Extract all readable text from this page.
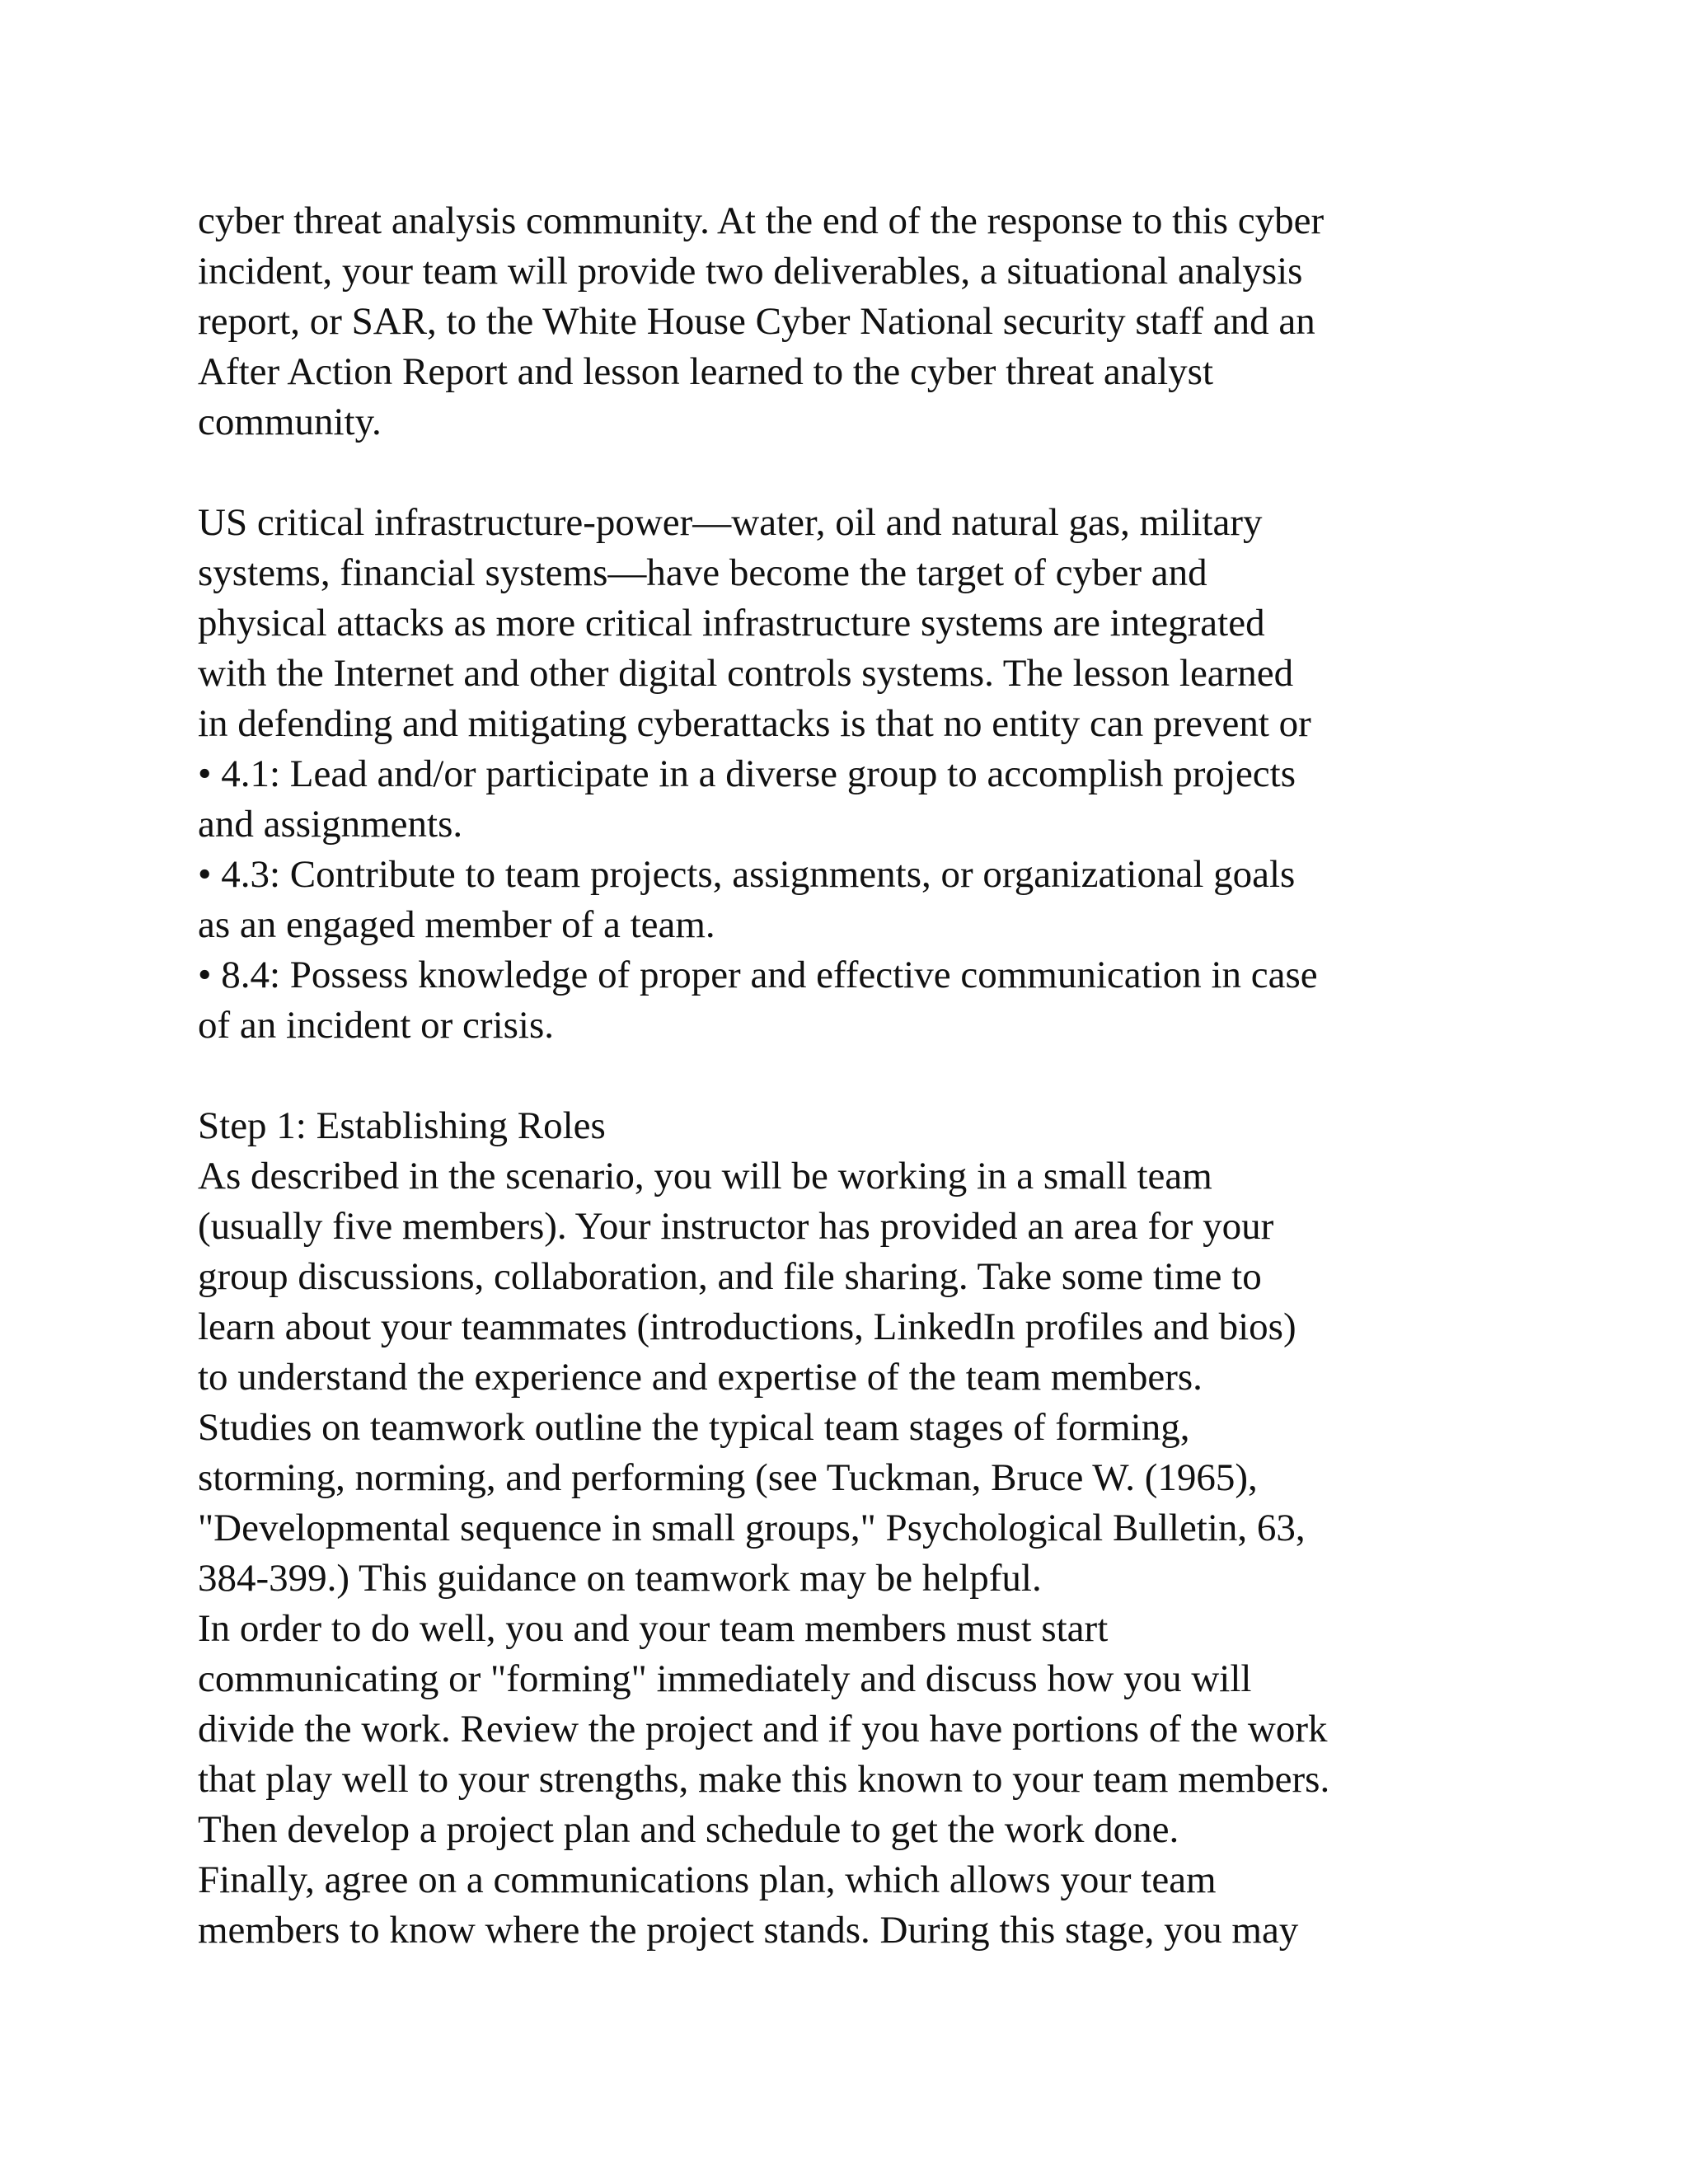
cyber threat analysis community. At the end of the response to this cyber
incident, your team will provide two deliverables, a situational analysis
report, or SAR, to the White House Cyber National security staff and an
After Action Report and lesson learned to the cyber threat analyst
community.
US critical infrastructure-power—water, oil and natural gas, military
systems, financial systems—have become the target of cyber and
physical attacks as more critical infrastructure systems are integrated
with the Internet and other digital controls systems. The lesson learned
in defending and mitigating cyberattacks is that no entity can prevent or
• 4.1: Lead and/or participate in a diverse group to accomplish projects
and assignments.
• 4.3: Contribute to team projects, assignments, or organizational goals
as an engaged member of a team.
• 8.4: Possess knowledge of proper and effective communication in case
of an incident or crisis.
Step 1: Establishing Roles
As described in the scenario, you will be working in a small team
(usually five members). Your instructor has provided an area for your
group discussions, collaboration, and file sharing. Take some time to
learn about your teammates (introductions, LinkedIn profiles and bios)
to understand the experience and expertise of the team members.
Studies on teamwork outline the typical team stages of forming,
storming, norming, and performing (see Tuckman, Bruce W. (1965),
"Developmental sequence in small groups," Psychological Bulletin, 63,
384-399.) This guidance on teamwork may be helpful.
In order to do well, you and your team members must start
communicating or "forming" immediately and discuss how you will
divide the work. Review the project and if you have portions of the work
that play well to your strengths, make this known to your team members.
Then develop a project plan and schedule to get the work done.
Finally, agree on a communications plan, which allows your team
members to know where the project stands. During this stage, you may
